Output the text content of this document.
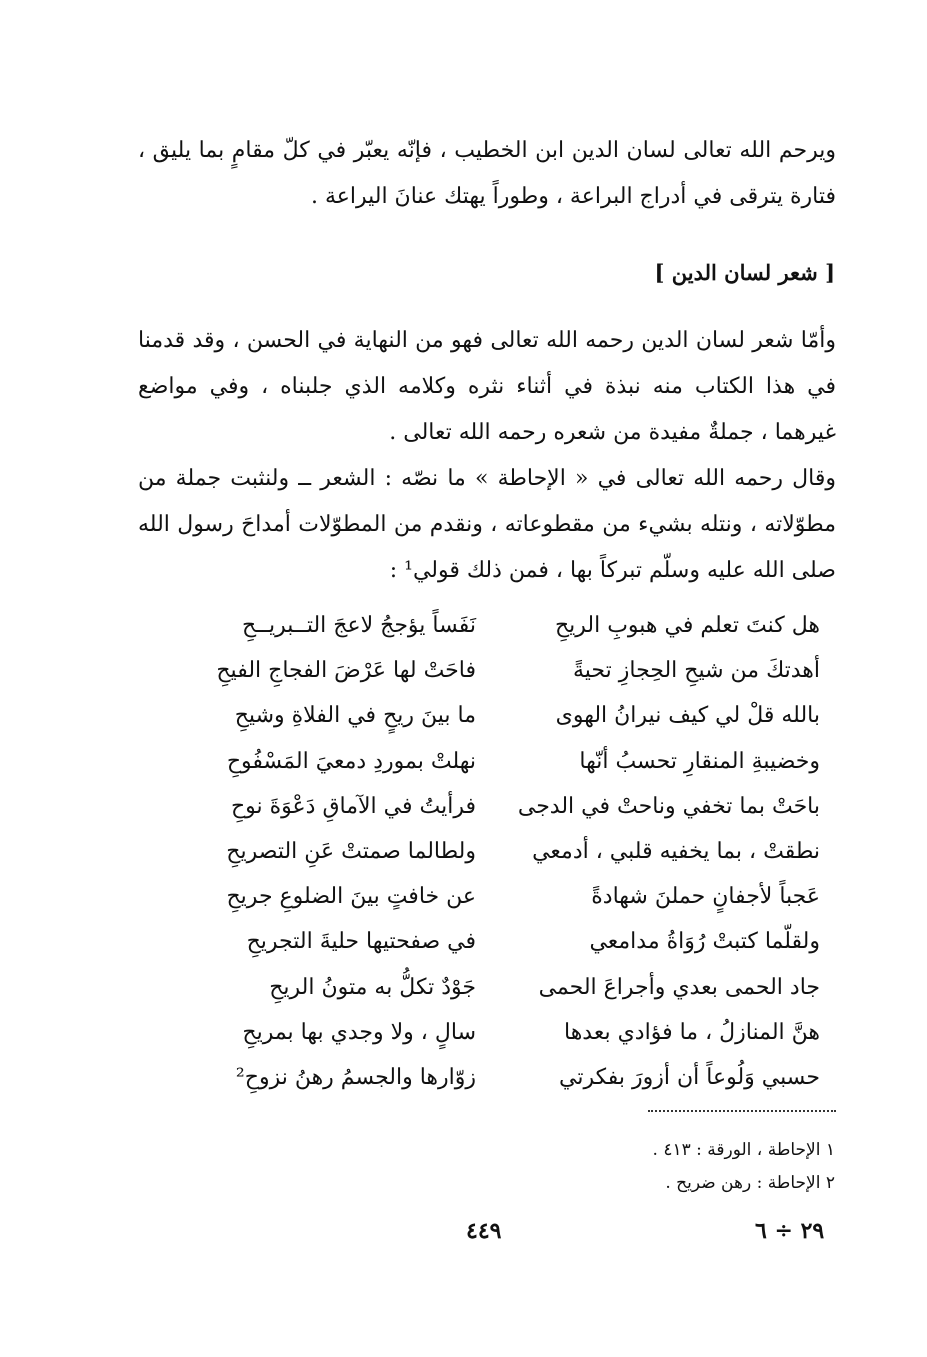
ويرحم الله تعالى لسان الدين ابن الخطيب ، فإنّه يعبّر في كلّ مقامٍ بما يليق ، فتارة يترقى في أدراج البراعة ، وطوراً يهتك عنانَ اليراعة .

[ شعر لسان الدين ]

وأمّا شعر لسان الدين رحمه الله تعالى فهو من النهاية في الحسن ، وقد قدمنا في هذا الكتاب منه نبذة في أثناء نثره وكلامه الذي جلبناه ، وفي مواضع غيرهما ، جملةٌ مفيدة من شعره رحمه الله تعالى .

وقال رحمه الله تعالى في « الإحاطة » ما نصّه : الشعر ــ ولنثبت جملة من مطوّلاته ، ونتله بشيء من مقطوعاته ، ونقدم من المطوّلات أمداحَ رسول الله صلى الله عليه وسلّم تبركاً بها ، فمن ذلك قولي¹ :

هل كنتَ تعلم في هبوبِ الريحِ
نَفَساً يؤججُ لاعجَ التــبريــحِ
أهدتكَ من شيحِ الحِجازِ تحيةً
فاحَتْ لها عَرْضَ الفجاجِ الفيحِ
بالله قلْ لي كيف نيرانُ الهوى
ما بينَ ريحٍ في الفلاةِ وشيحِ
وخضيبةِ المنقارِ تحسبُ أنّها
نهلتْ بموردِ دمعيَ المَسْفُوحِ
باحَتْ بما تخفي وناحتْ في الدجى
فرأيتُ في الآماقِ دَعْوَةَ نوحِ
نطقتْ ، بما يخفيه قلبي ، أدمعي
ولطالما صمتتْ عَنِ التصريحِ
عَجباً لأجفانٍ حملنَ شهادةً
عن خافتٍ بينَ الضلوعِ جريحِ
ولقلّما كتبتْ رُوَاةُ مدامعي
في صفحتيها حليةَ التجريحِ
جاد الحمى بعدي وأجراعَ الحمى
جَوْدٌ تكلُّ به متونُ الريحِ
هنَّ المنازلُ ، ما فؤادي بعدها
سالٍ ، ولا وجدي بها بمريحِ
حسبي وَلُوعاً أن أزورَ بفكرتي
زوّارها والجسمُ رهنُ نزوحِ²
١ الإحاطة ، الورقة : ٤١٣ .
٢ الإحاطة : رهن ضريح .
٤٤٩	٢٩ ÷ ٦
